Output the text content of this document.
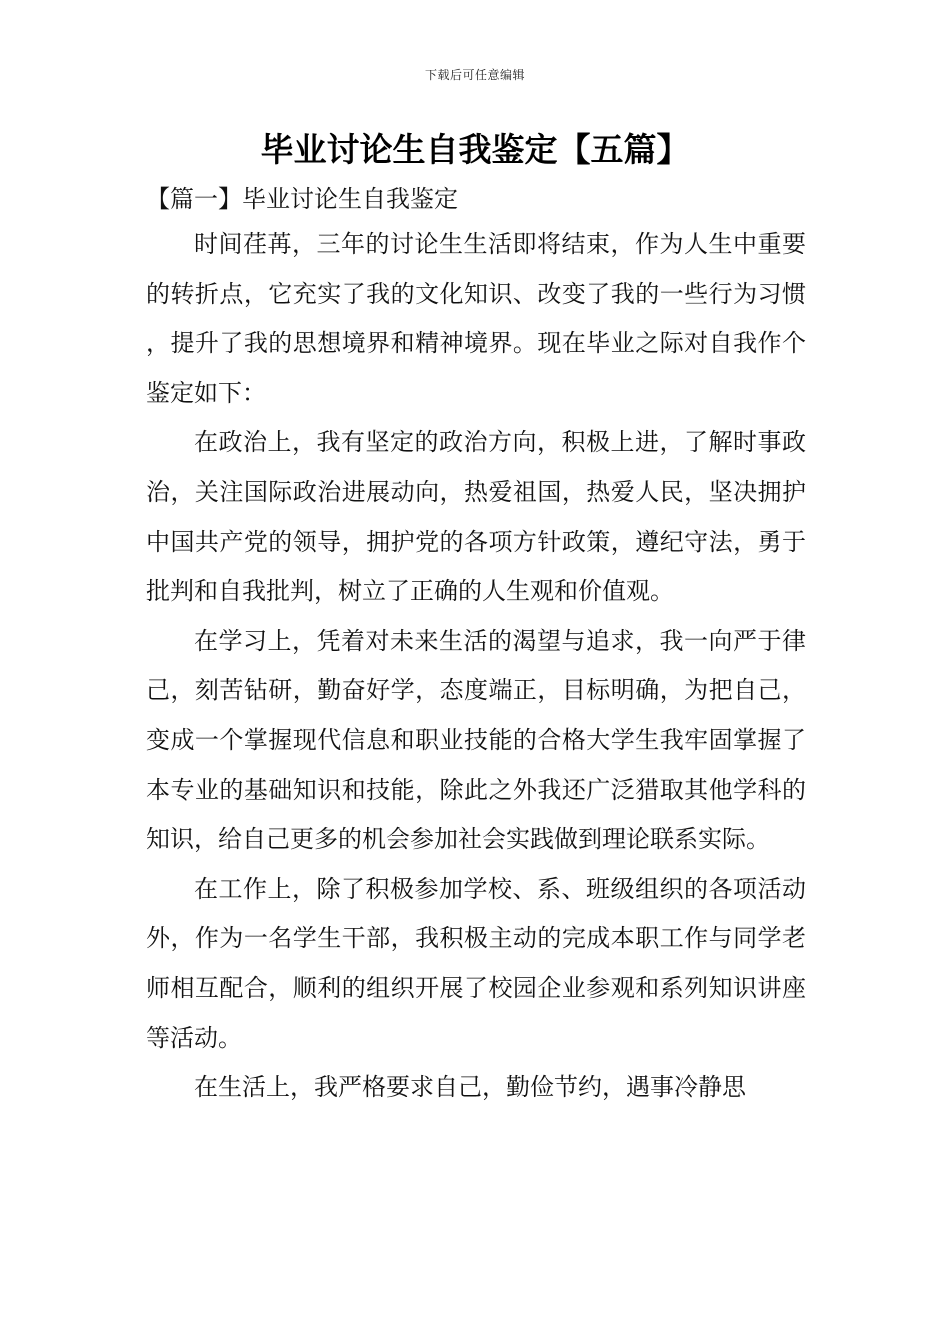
下载后可任意编辑
毕业讨论生自我鉴定【五篇】

【篇一】毕业讨论生自我鉴定

时间荏苒，三年的讨论生生活即将结束，作为人生中重要的转折点，它充实了我的文化知识、改变了我的一些行为习惯，提升了我的思想境界和精神境界。现在毕业之际对自我作个鉴定如下：

在政治上，我有坚定的政治方向，积极上进，了解时事政治，关注国际政治进展动向，热爱祖国，热爱人民，坚决拥护中国共产党的领导，拥护党的各项方针政策，遵纪守法，勇于批判和自我批判，树立了正确的人生观和价值观。

在学习上，凭着对未来生活的渴望与追求，我一向严于律己，刻苦钻研，勤奋好学，态度端正，目标明确，为把自己，变成一个掌握现代信息和职业技能的合格大学生我牢固掌握了本专业的基础知识和技能，除此之外我还广泛猎取其他学科的知识，给自己更多的机会参加社会实践做到理论联系实际。

在工作上，除了积极参加学校、系、班级组织的各项活动外，作为一名学生干部，我积极主动的完成本职工作与同学老师相互配合，顺利的组织开展了校园企业参观和系列知识讲座等活动。

在生活上，我严格要求自己，勤俭节约，遇事冷静思
